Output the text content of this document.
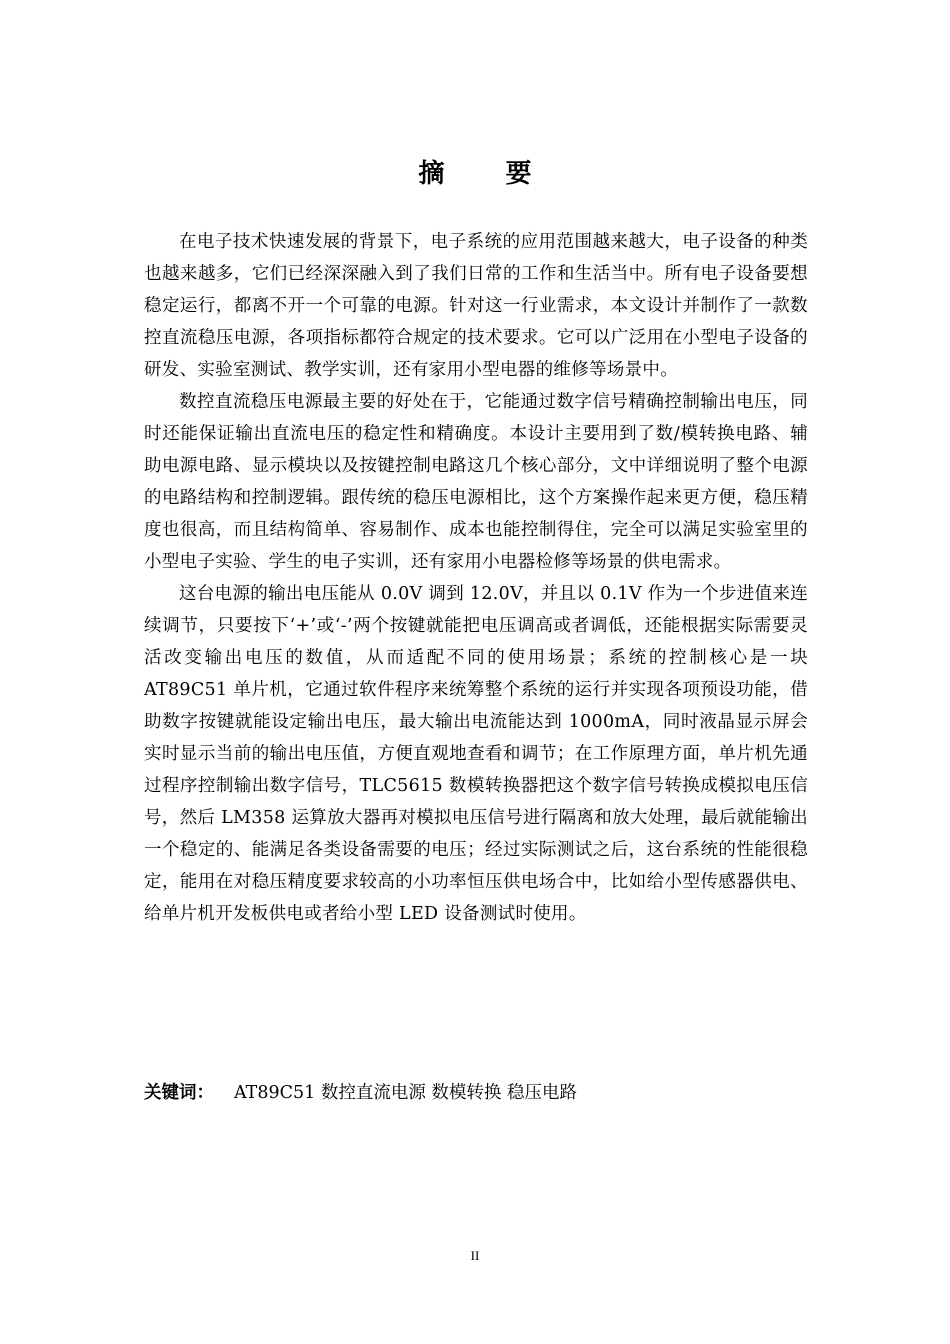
摘 要

在电子技术快速发展的背景下，电子系统的应用范围越来越大，电子设备的种类也越来越多，它们已经深深融入到了我们日常的工作和生活当中。所有电子设备要想稳定运行，都离不开一个可靠的电源。针对这一行业需求，本文设计并制作了一款数控直流稳压电源，各项指标都符合规定的技术要求。它可以广泛用在小型电子设备的研发、实验室测试、教学实训，还有家用小型电器的维修等场景中。

数控直流稳压电源最主要的好处在于，它能通过数字信号精确控制输出电压，同时还能保证输出直流电压的稳定性和精确度。本设计主要用到了数/模转换电路、辅助电源电路、显示模块以及按键控制电路这几个核心部分，文中详细说明了整个电源的电路结构和控制逻辑。跟传统的稳压电源相比，这个方案操作起来更方便，稳压精度也很高，而且结构简单、容易制作、成本也能控制得住，完全可以满足实验室里的小型电子实验、学生的电子实训，还有家用小电器检修等场景的供电需求。

这台电源的输出电压能从 0.0V 调到 12.0V，并且以 0.1V 作为一个步进值来连续调节，只要按下‘+’或‘-’两个按键就能把电压调高或者调低，还能根据实际需要灵活改变输出电压的数值，从而适配不同的使用场景；系统的控制核心是一块 AT89C51 单片机，它通过软件程序来统筹整个系统的运行并实现各项预设功能，借助数字按键就能设定输出电压，最大输出电流能达到 1000mA，同时液晶显示屏会实时显示当前的输出电压值，方便直观地查看和调节；在工作原理方面，单片机先通过程序控制输出数字信号，TLC5615 数模转换器把这个数字信号转换成模拟电压信号，然后 LM358 运算放大器再对模拟电压信号进行隔离和放大处理，最后就能输出一个稳定的、能满足各类设备需要的电压；经过实际测试之后，这台系统的性能很稳定，能用在对稳压精度要求较高的小功率恒压供电场合中，比如给小型传感器供电、给单片机开发板供电或者给小型 LED 设备测试时使用。

关键词： AT89C51 数控直流电源 数模转换 稳压电路
II
